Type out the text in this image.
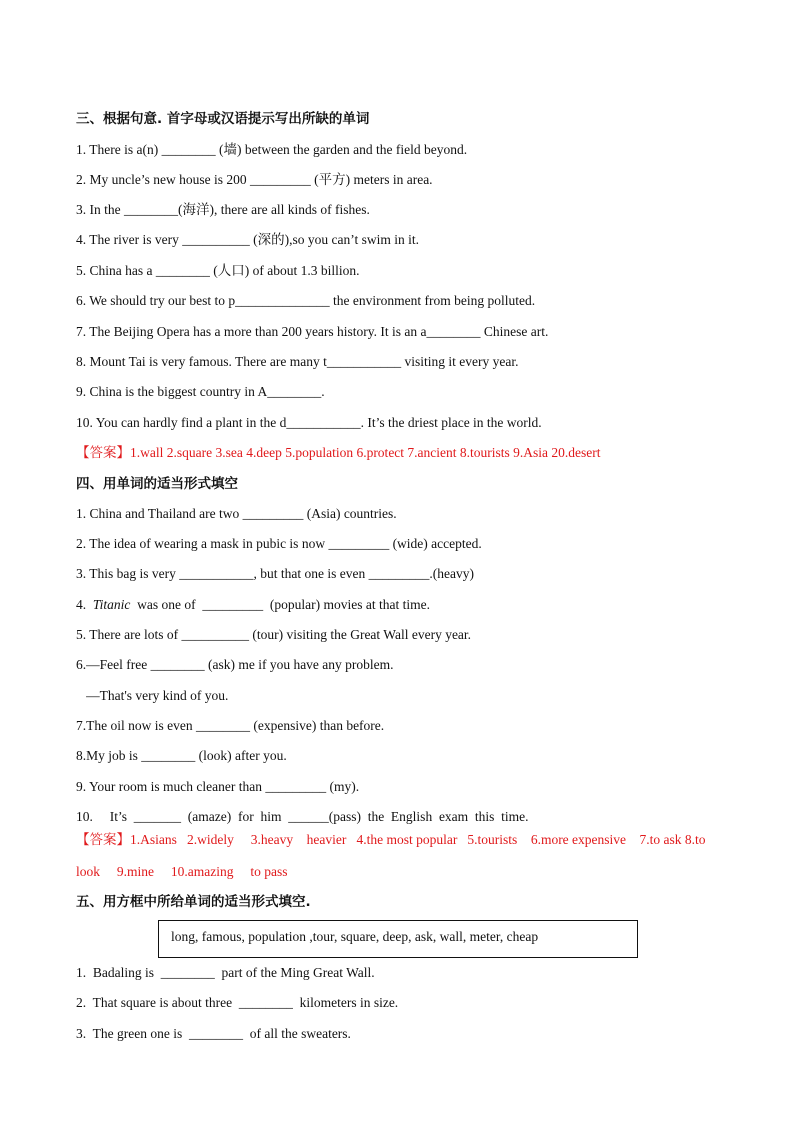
三、根据句意. 首字母或汉语提示写出所缺的单词
1. There is a(n) ________ (墙) between the garden and the field beyond.
2. My uncle’s new house is 200 _________ (平方) meters in area.
3. In the ________(海洋), there are all kinds of fishes.
4. The river is very __________ (深的),so you can’t swim in it.
5. China has a ________ (人口) of about 1.3 billion.
6. We should try our best to p______________ the environment from being polluted.
7. The Beijing Opera has a more than 200 years history. It is an a________ Chinese art.
8. Mount Tai is very famous. There are many t___________ visiting it every year.
9. China is the biggest country in A________.
10. You can hardly find a plant in the d___________. It’s the driest place in the world.
【答案】1.wall 2.square 3.sea 4.deep 5.population 6.protect 7.ancient 8.tourists 9.Asia 20.desert
四、用单词的适当形式填空
1. China and Thailand are two _________ (Asia) countries.
2. The idea of wearing a mask in pubic is now _________ (wide) accepted.
3. This bag is very ___________, but that one is even _________.(heavy)
4.  Titanic  was one of  _________  (popular) movies at that time.
5. There are lots of __________ (tour) visiting the Great Wall every year.
6.—Feel free ________ (ask) me if you have any problem.
—That's very kind of you.
7.The oil now is even ________ (expensive) than before.
8.My job is ________ (look) after you.
9. Your room is much cleaner than _________ (my).
10.     It’s  _______  (amaze)  for  him  ______(pass)  the  English  exam  this  time.
【答案】1.Asians   2.widely     3.heavy    heavier   4.the most popular   5.tourists    6.more expensive    7.to ask 8.to
look     9.mine     10.amazing     to pass
五、用方框中所给单词的适当形式填空.
long, famous, population ,tour, square, deep, ask, wall, meter, cheap
1.  Badaling is  ________  part of the Ming Great Wall.
2.  That square is about three  ________  kilometers in size.
3.  The green one is  ________  of all the sweaters.
